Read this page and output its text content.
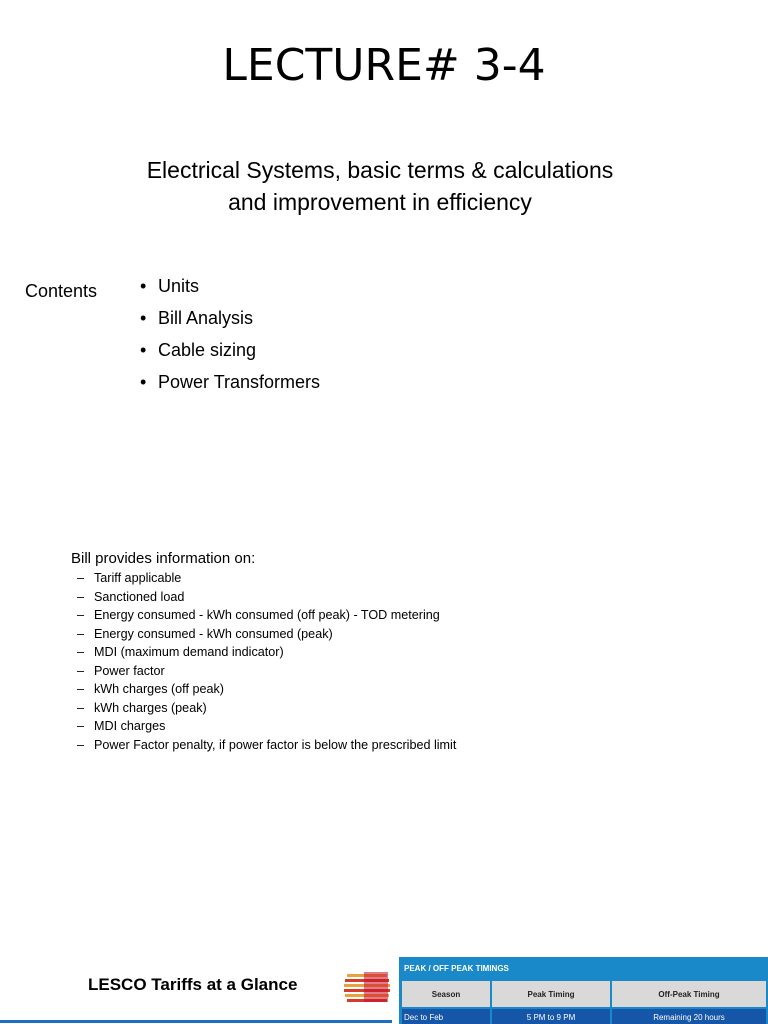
LECTURE# 3-4
Electrical Systems, basic terms & calculations
and improvement in efficiency
Contents
•	Units
• Bill Analysis
• Cable sizing
• Power Transformers
Bill provides information on:
– Tariff applicable
– Sanctioned load
– Energy consumed - kWh consumed (off peak) - TOD metering
– Energy consumed - kWh consumed (peak)
– MDI (maximum demand indicator)
– Power factor
– kWh charges (off peak)
– kWh charges (peak)
– MDI charges
– Power Factor penalty, if power factor is below the prescribed limit
LESCO Tariffs at a Glance
PEAK / OFF PEAK TIMINGS
Season	Peak Timing	Off-Peak Timing
Dec to Feb	5 PM to 9 PM	Remaining 20 hours
